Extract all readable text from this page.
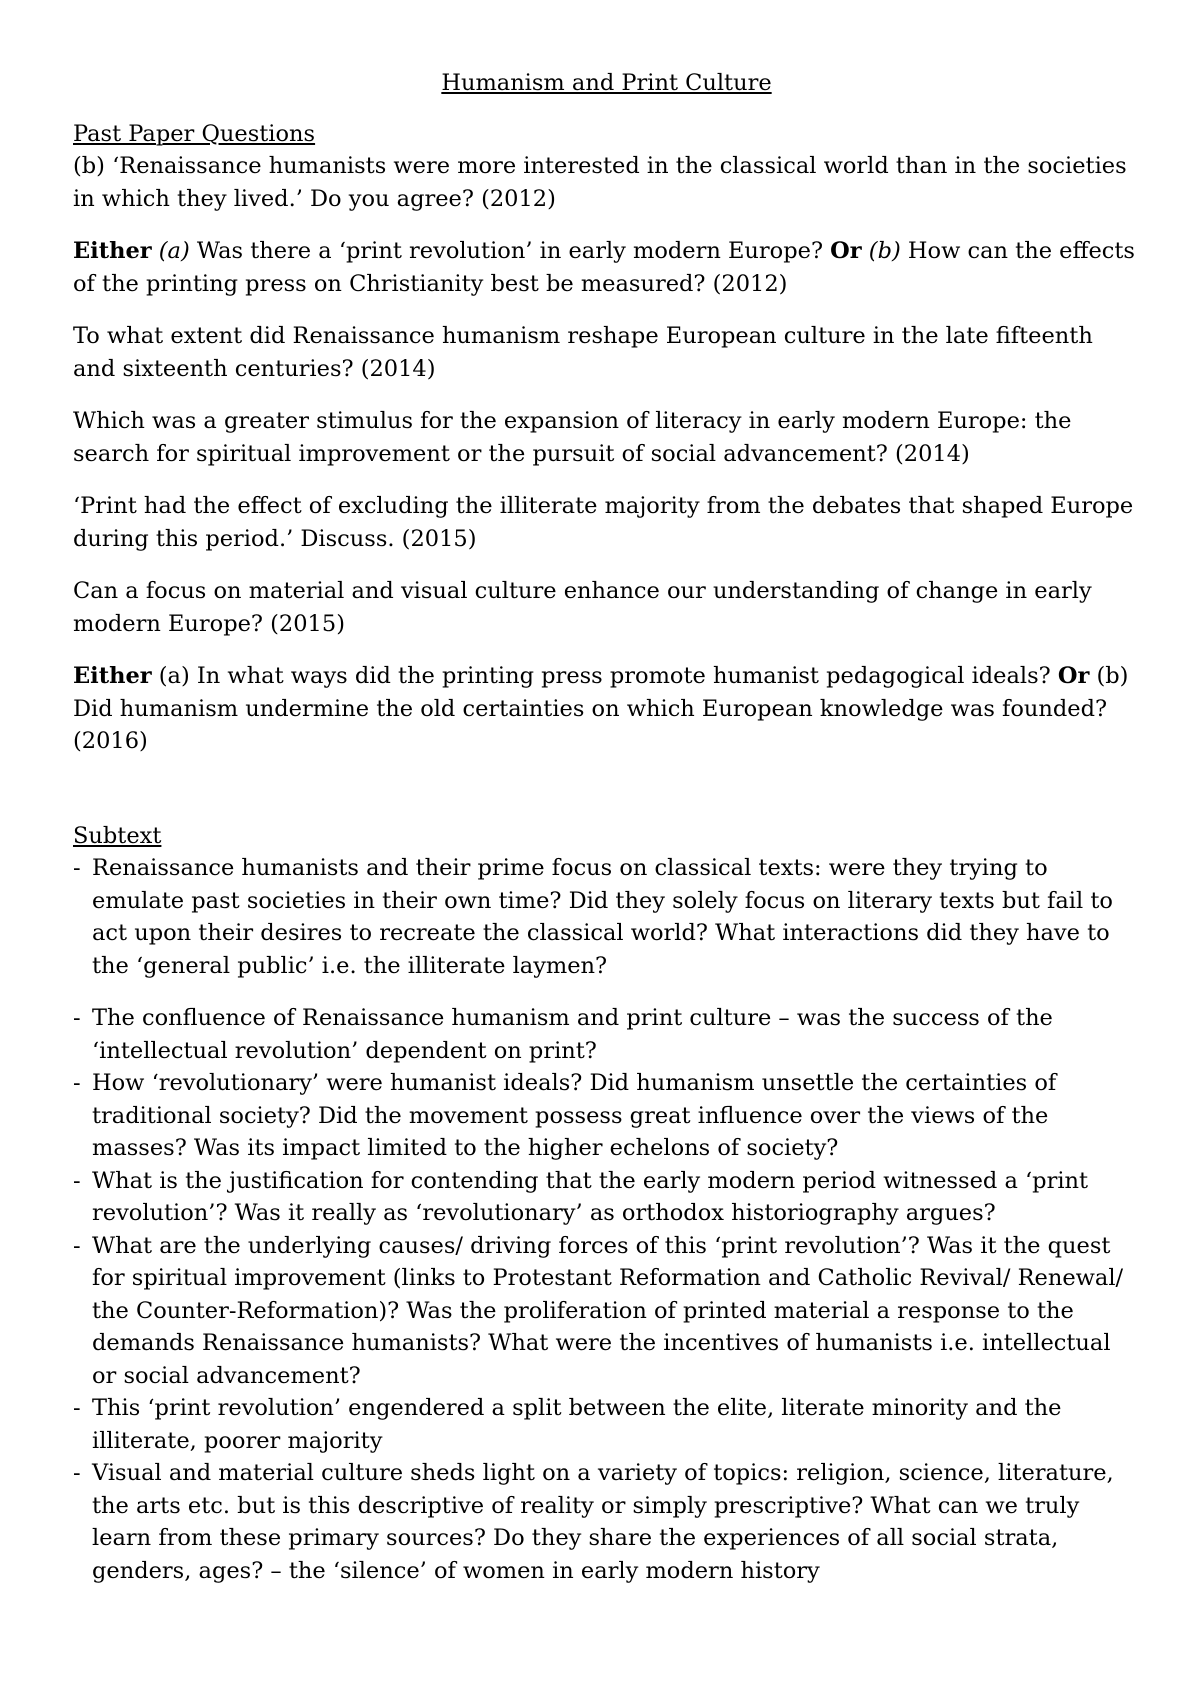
Humanism and Print Culture

Past Paper Questions

(b) ‘Renaissance humanists were more interested in the classical world than in the societies in which they lived.’ Do you agree? (2012)

Either (a) Was there a ‘print revolution’ in early modern Europe? Or (b) How can the effects of the printing press on Christianity best be measured? (2012)

To what extent did Renaissance humanism reshape European culture in the late fifteenth and sixteenth centuries? (2014)

Which was a greater stimulus for the expansion of literacy in early modern Europe: the search for spiritual improvement or the pursuit of social advancement? (2014)

‘Print had the effect of excluding the illiterate majority from the debates that shaped Europe during this period.’ Discuss. (2015)

Can a focus on material and visual culture enhance our understanding of change in early modern Europe? (2015)

Either (a) In what ways did the printing press promote humanist pedagogical ideals? Or (b) Did humanism undermine the old certainties on which European knowledge was founded? (2016)

Subtext

- Renaissance humanists and their prime focus on classical texts: were they trying to emulate past societies in their own time? Did they solely focus on literary texts but fail to act upon their desires to recreate the classical world? What interactions did they have to the ‘general public’ i.e. the illiterate laymen?
- The confluence of Renaissance humanism and print culture – was the success of the ‘intellectual revolution’ dependent on print?
- How ‘revolutionary’ were humanist ideals? Did humanism unsettle the certainties of traditional society? Did the movement possess great influence over the views of the masses? Was its impact limited to the higher echelons of society?
- What is the justification for contending that the early modern period witnessed a ‘print revolution’? Was it really as ‘revolutionary’ as orthodox historiography argues?
- What are the underlying causes/ driving forces of this ‘print revolution’? Was it the quest for spiritual improvement (links to Protestant Reformation and Catholic Revival/ Renewal/ the Counter-Reformation)? Was the proliferation of printed material a response to the demands Renaissance humanists? What were the incentives of humanists i.e. intellectual or social advancement?
- This ‘print revolution’ engendered a split between the elite, literate minority and the illiterate, poorer majority
- Visual and material culture sheds light on a variety of topics: religion, science, literature, the arts etc. but is this descriptive of reality or simply prescriptive? What can we truly learn from these primary sources? Do they share the experiences of all social strata, genders, ages? – the ‘silence’ of women in early modern history
